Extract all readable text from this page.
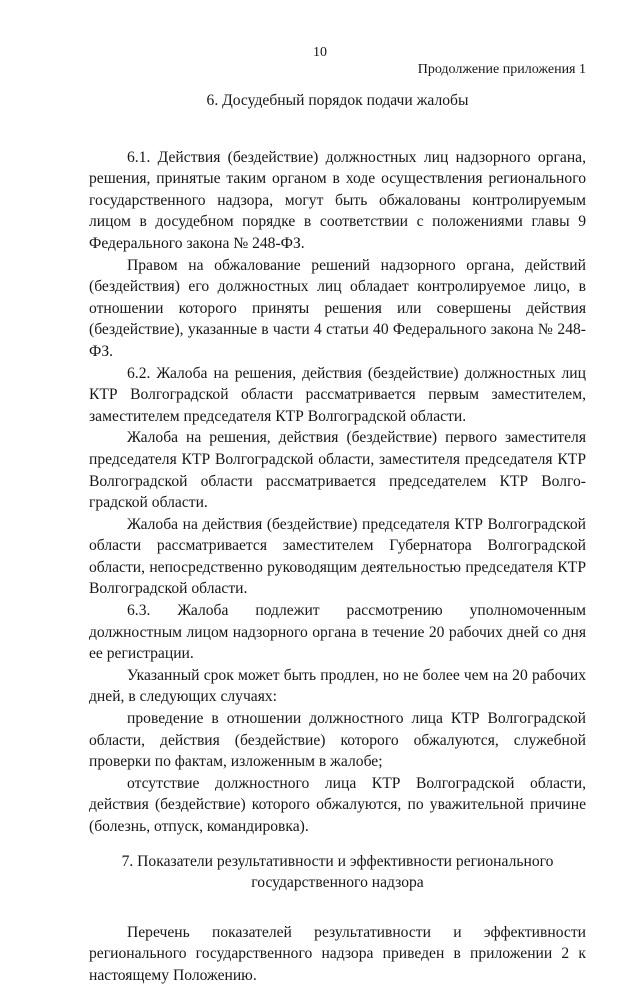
10
Продолжение приложения 1

6. Досудебный порядок подачи жалобы

6.1. Действия (бездействие) должностных лиц надзорного органа, решения, принятые таким органом в ходе осуществления регионального государственного надзора, могут быть обжалованы контролируемым лицом в досудебном порядке в соответствии с положениями главы 9 Федерального закона № 248-ФЗ.

Правом на обжалование решений надзорного органа, действий (бездействия) его должностных лиц обладает контролируемое лицо, в отношении которого приняты решения или совершены действия (бездействие), указанные в части 4 статьи 40 Федерального закона № 248-ФЗ.

6.2. Жалоба на решения, действия (бездействие) должностных лиц КТР Волгоградской области рассматривается первым заместителем, заместителем председателя КТР Волгоградской области.

Жалоба на решения, действия (бездействие) первого заместителя председателя КТР Волгоградской области, заместителя председателя КТР Волгоградской области рассматривается председателем КТР Волго-градской области.

Жалоба на действия (бездействие) председателя КТР Волгоградской области рассматривается заместителем Губернатора Волгоградской области, непосредственно руководящим деятельностью председателя КТР Волгоградской области.

6.3. Жалоба подлежит рассмотрению уполномоченным должностным лицом надзорного органа в течение 20 рабочих дней со дня ее регистрации.

Указанный срок может быть продлен, но не более чем на 20 рабочих дней, в следующих случаях:

проведение в отношении должностного лица КТР Волгоградской области, действия (бездействие) которого обжалуются, служебной проверки по фактам, изложенным в жалобе;

отсутствие должностного лица КТР Волгоградской области, действия (бездействие) которого обжалуются, по уважительной причине (болезнь, отпуск, командировка).

7. Показатели результативности и эффективности регионального
государственного надзора

Перечень показателей результативности и эффективности регионального государственного надзора приведен в приложении 2 к настоящему Положению.
